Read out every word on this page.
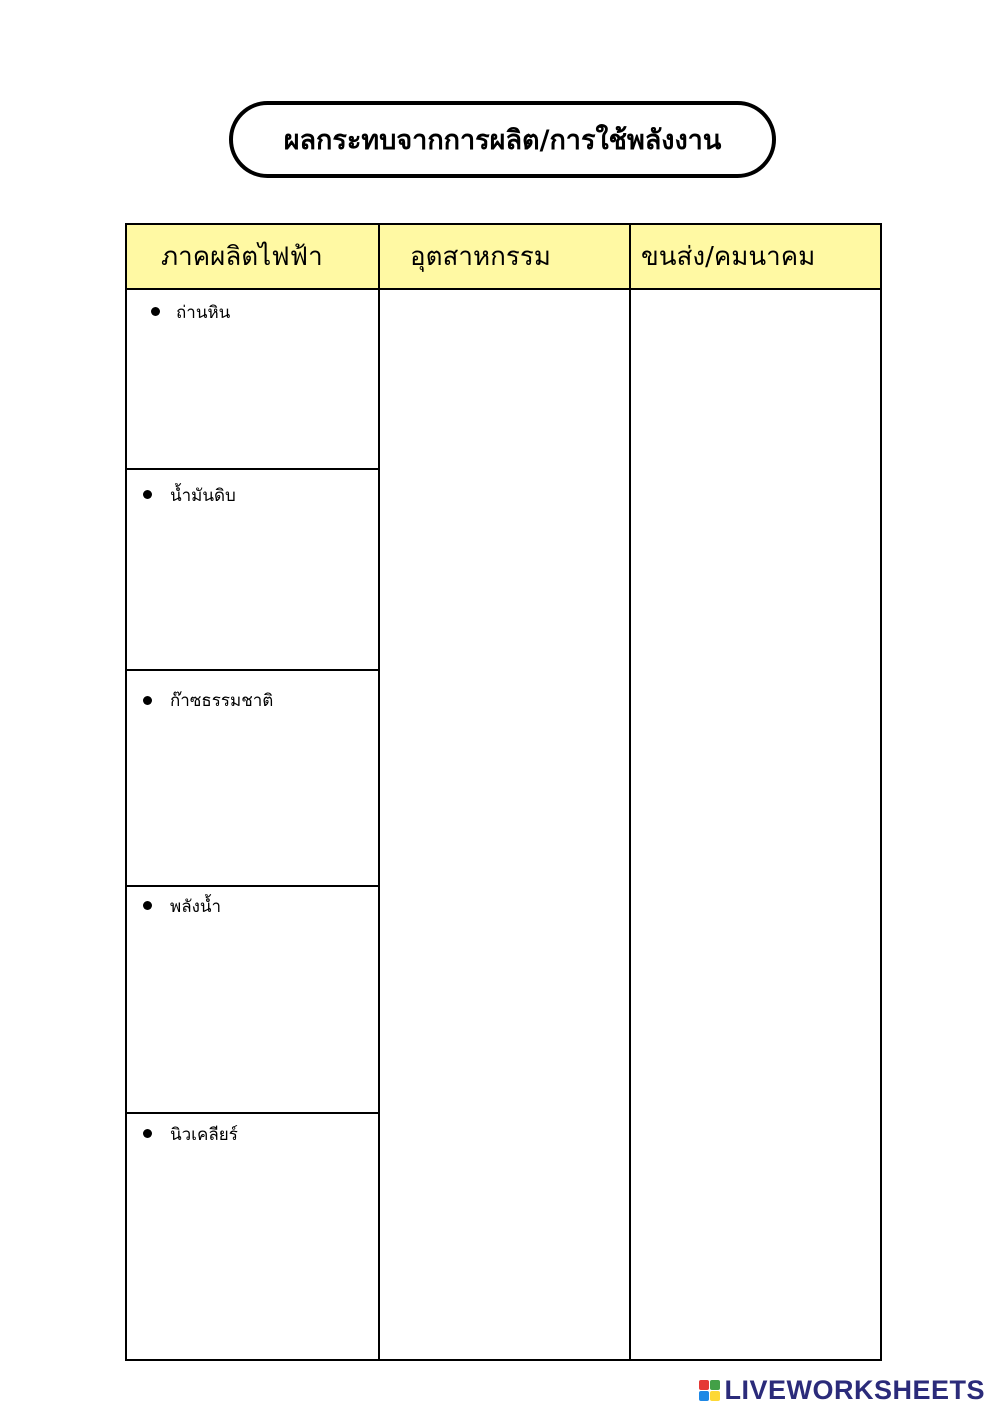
ผลกระทบจากการผลิต/การใช้พลังงาน
ภาคผลิตไฟฟ้า	อุตสาหกรรม	ขนส่ง/คมนาคม
ถ่านหิน
น้ำมันดิบ
ก๊าซธรรมชาติ
พลังน้ำ
นิวเคลียร์
LIVEWORKSHEETS
